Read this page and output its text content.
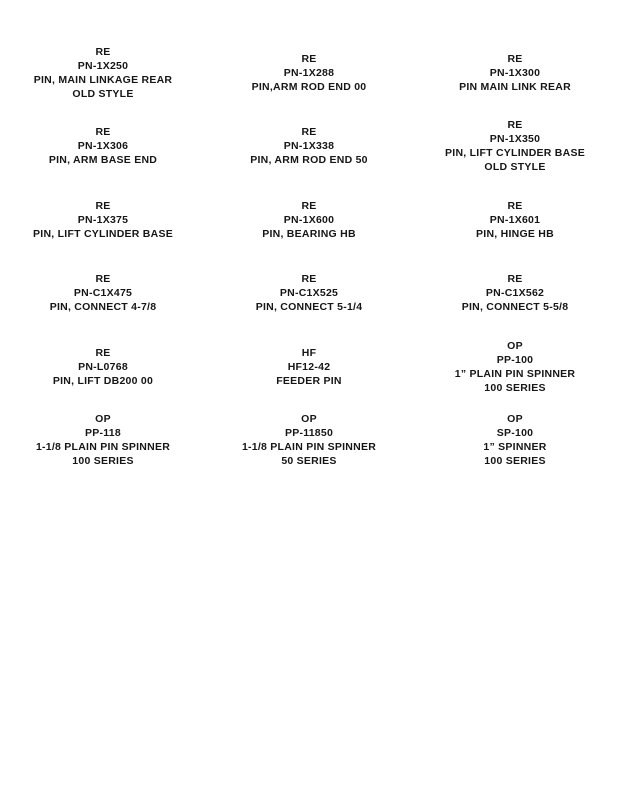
RE
PN-1X250
PIN, MAIN LINKAGE REAR
OLD STYLE
RE
PN-1X288
PIN,ARM ROD END 00
RE
PN-1X300
PIN MAIN LINK REAR
RE
PN-1X306
PIN, ARM BASE END
RE
PN-1X338
PIN, ARM ROD END 50
RE
PN-1X350
PIN, LIFT CYLINDER BASE
OLD STYLE
RE
PN-1X375
PIN, LIFT CYLINDER BASE
RE
PN-1X600
PIN, BEARING HB
RE
PN-1X601
PIN, HINGE HB
RE
PN-C1X475
PIN, CONNECT 4-7/8
RE
PN-C1X525
PIN, CONNECT 5-1/4
RE
PN-C1X562
PIN, CONNECT 5-5/8
RE
PN-L0768
PIN, LIFT DB200 00
HF
HF12-42
FEEDER PIN
OP
PP-100
1” PLAIN PIN SPINNER
100 SERIES
OP
PP-118
1-1/8 PLAIN PIN SPINNER
100 SERIES
OP
PP-11850
1-1/8 PLAIN PIN SPINNER
50 SERIES
OP
SP-100
1” SPINNER
100 SERIES
